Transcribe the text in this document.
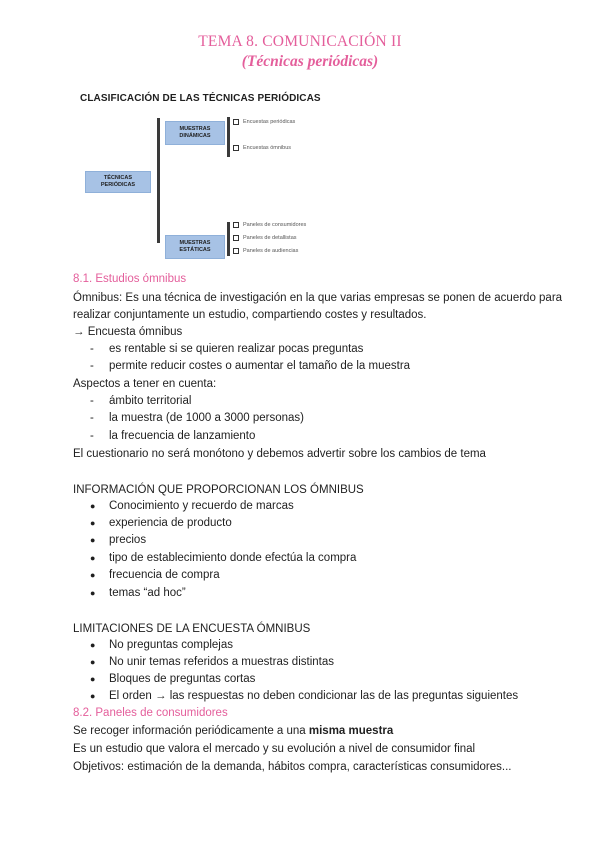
TEMA 8. COMUNICACIÓN II
(Técnicas periódicas)
CLASIFICACIÓN DE LAS TÉCNICAS PERIÓDICAS
TÉCNICAS
PERIÓDICAS
MUESTRAS
DINÁMICAS
Encuestas periódicas
Encuestas ómnibus
MUESTRAS
ESTÁTICAS
Paneles de consumidores
Paneles de detallistas
Paneles de audiencias
8.1. Estudios ómnibus
Ómnibus: Es una técnica de investigación en la que varias empresas se ponen de acuerdo para
realizar conjuntamente un estudio, compartiendo costes y resultados.
→ Encuesta ómnibus
- es rentable si se quieren realizar pocas preguntas
- permite reducir costes o aumentar el tamaño de la muestra
Aspectos a tener en cuenta:
- ámbito territorial
- la muestra (de 1000 a 3000 personas)
- la frecuencia de lanzamiento
El cuestionario no será monótono y debemos advertir sobre los cambios de tema
INFORMACIÓN QUE PROPORCIONAN LOS ÓMNIBUS
● Conocimiento y recuerdo de marcas
● experiencia de producto
● precios
● tipo de establecimiento donde efectúa la compra
● frecuencia de compra
● temas “ad hoc”
LIMITACIONES DE LA ENCUESTA ÓMNIBUS
● No preguntas complejas
● No unir temas referidos a muestras distintas
● Bloques de preguntas cortas
● El orden → las respuestas no deben condicionar las de las preguntas siguientes
8.2. Paneles de consumidores
Se recoger información periódicamente a una misma muestra
Es un estudio que valora el mercado y su evolución a nivel de consumidor final
Objetivos: estimación de la demanda, hábitos compra, características consumidores...
